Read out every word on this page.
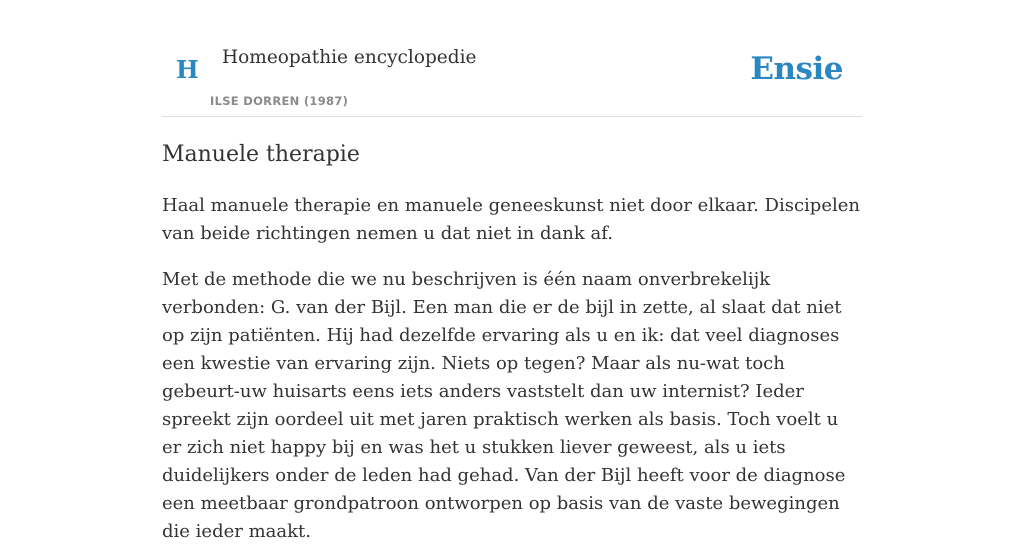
H Homeopathie encyclopedie
ILSE DORREN (1987)
Ensie
Manuele therapie

Haal manuele therapie en manuele geneeskunst niet door elkaar. Discipelen van beide richtingen nemen u dat niet in dank af.

Met de methode die we nu beschrijven is één naam onverbrekelijk verbonden: G. van der Bijl. Een man die er de bijl in zette, al slaat dat niet op zijn patiënten. Hij had dezelfde ervaring als u en ik: dat veel diagnoses een kwestie van ervaring zijn. Niets op tegen? Maar als nu-wat toch gebeurt-uw huisarts eens iets anders vaststelt dan uw internist? Ieder spreekt zijn oordeel uit met jaren praktisch werken als basis. Toch voelt u er zich niet happy bij en was het u stukken liever geweest, als u iets duidelijkers onder de leden had gehad. Van der Bijl heeft voor de diagnose een meetbaar grondpatroon ontworpen op basis van de vaste bewegingen die ieder maakt.
